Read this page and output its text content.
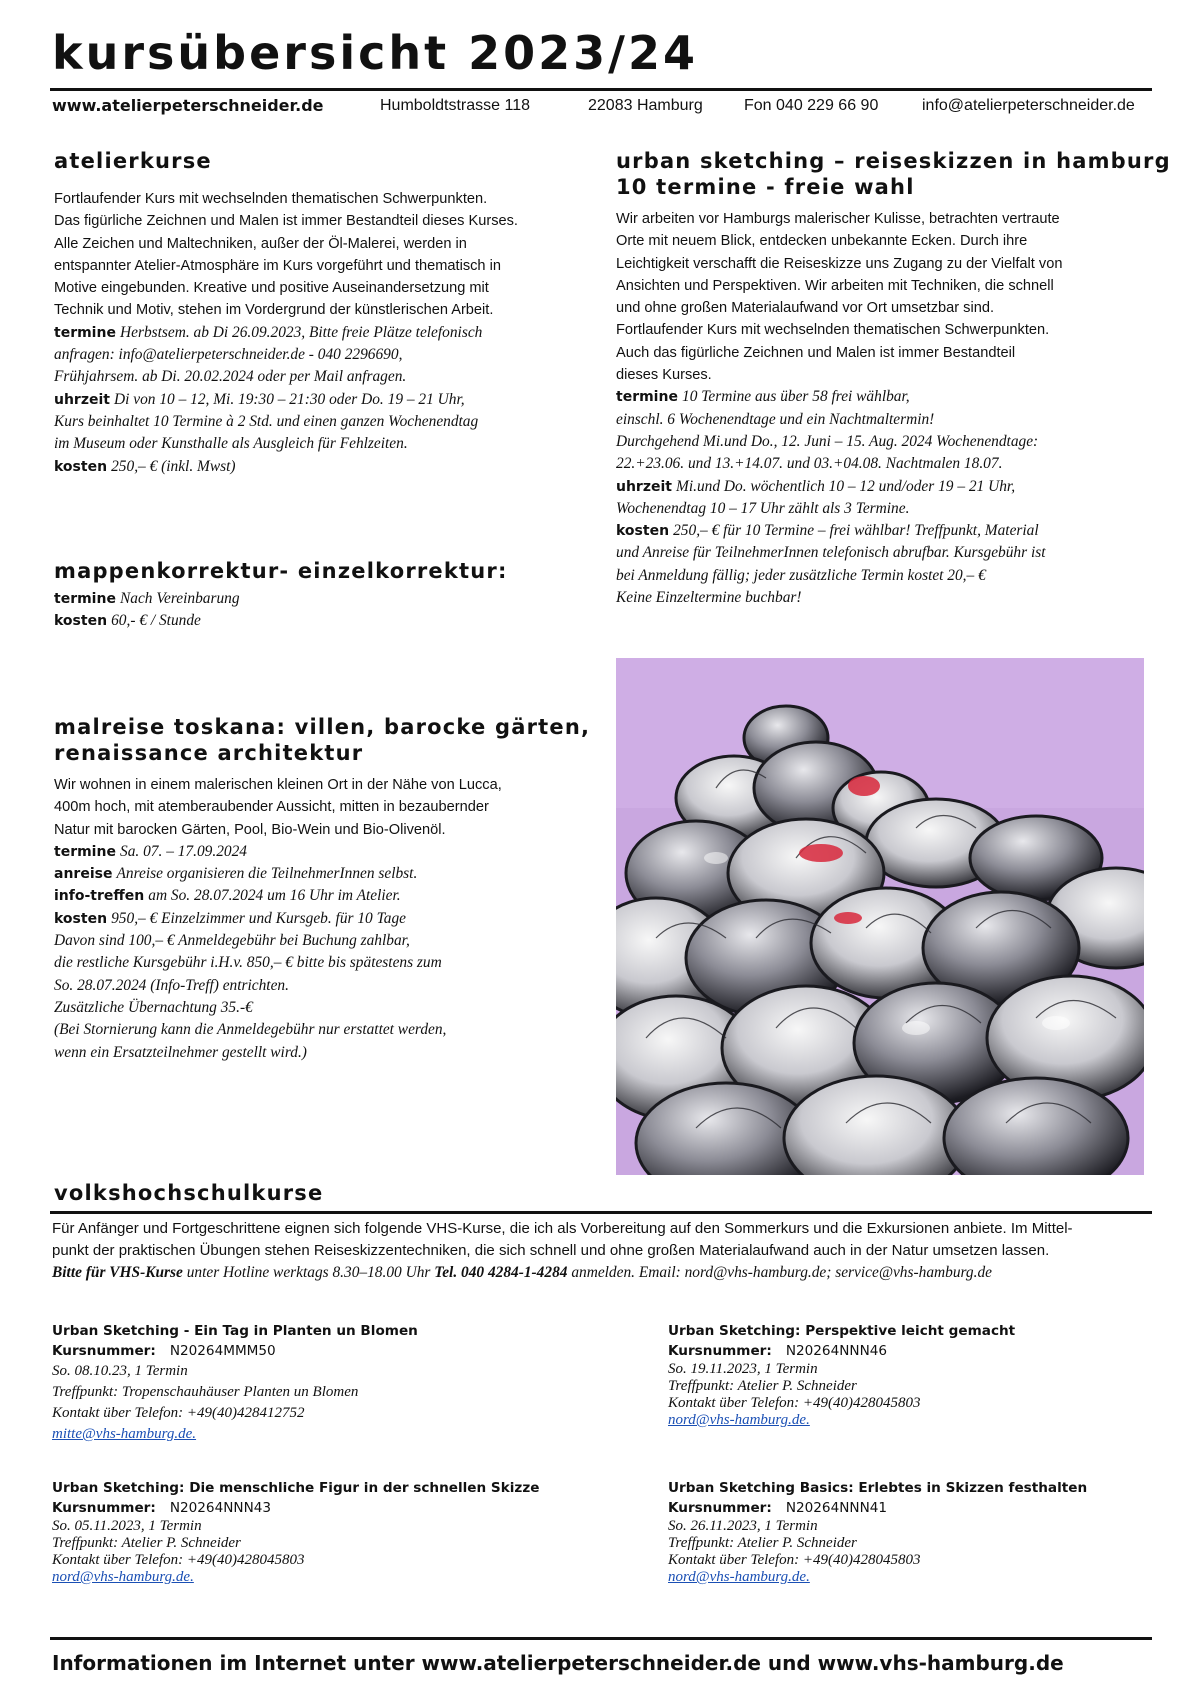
kursübersicht 2023/24
www.atelierpeterschneider.de	Humboldtstrasse 118	22083 Hamburg	Fon 040 229 66 90	info@atelierpeterschneider.de
atelierkurse
Fortlaufender Kurs mit wechselnden thematischen Schwerpunkten.
Das figürliche Zeichnen und Malen ist immer Bestandteil dieses Kurses.
Alle Zeichen und Maltechniken, außer der Öl-Malerei, werden in
entspannter Atelier-Atmosphäre im Kurs vorgeführt und thematisch in
Motive eingebunden. Kreative und positive Auseinandersetzung mit
Technik und Motiv, stehen im Vordergrund der künstlerischen Arbeit.
termine Herbstsem. ab Di 26.09.2023, Bitte freie Plätze telefonisch
anfragen: info@atelierpeterschneider.de - 040 2296690,
Frühjahrsem. ab Di. 20.02.2024 oder per Mail anfragen.
uhrzeit Di von 10 – 12, Mi. 19:30 – 21:30 oder Do. 19 – 21 Uhr,
Kurs beinhaltet 10 Termine à 2 Std. und einen ganzen Wochenendtag
im Museum oder Kunsthalle als Ausgleich für Fehlzeiten.
kosten 250,– € (inkl. Mwst)
mappenkorrektur- einzelkorrektur:
termine Nach Vereinbarung
kosten 60,- € / Stunde
malreise toskana: villen, barocke gärten,
renaissance architektur
Wir wohnen in einem malerischen kleinen Ort in der Nähe von Lucca,
400m hoch, mit atemberaubender Aussicht, mitten in bezaubernder
Natur mit barocken Gärten, Pool, Bio-Wein und Bio-Olivenöl.
termine Sa. 07. – 17.09.2024
anreise Anreise organisieren die TeilnehmerInnen selbst.
info-treffen am So. 28.07.2024 um 16 Uhr im Atelier.
kosten 950,– € Einzelzimmer und Kursgeb. für 10 Tage
Davon sind 100,– € Anmeldegebühr bei Buchung zahlbar,
die restliche Kursgebühr i.H.v. 850,– € bitte bis spätestens zum
So. 28.07.2024 (Info-Treff) entrichten.
Zusätzliche Übernachtung 35.-€
(Bei Stornierung kann die Anmeldegebühr nur erstattet werden,
wenn ein Ersatzteilnehmer gestellt wird.)
urban sketching – reiseskizzen in hamburg
10 termine - freie wahl
Wir arbeiten vor Hamburgs malerischer Kulisse, betrachten vertraute
Orte mit neuem Blick, entdecken unbekannte Ecken. Durch ihre
Leichtigkeit verschafft die Reiseskizze uns Zugang zu der Vielfalt von
Ansichten und Perspektiven. Wir arbeiten mit Techniken, die schnell
und ohne großen Materialaufwand vor Ort umsetzbar sind.
Fortlaufender Kurs mit wechselnden thematischen Schwerpunkten.
Auch das figürliche Zeichnen und Malen ist immer Bestandteil
dieses Kurses.
termine 10 Termine aus über 58 frei wählbar,
einschl. 6 Wochenendtage und ein Nachtmaltermin!
Durchgehend Mi.und Do., 12. Juni – 15. Aug. 2024 Wochenendtage:
22.+23.06. und 13.+14.07. und 03.+04.08. Nachtmalen 18.07.
uhrzeit Mi.und Do. wöchentlich 10 – 12 und/oder 19 – 21 Uhr,
Wochenendtag 10 – 17 Uhr zählt als 3 Termine.
kosten 250,– € für 10 Termine – frei wählbar! Treffpunkt, Material
und Anreise für TeilnehmerInnen telefonisch abrufbar. Kursgebühr ist
bei Anmeldung fällig; jeder zusätzliche Termin kostet 20,– €
Keine Einzeltermine buchbar!
volkshochschulkurse
Für Anfänger und Fortgeschrittene eignen sich folgende VHS-Kurse, die ich als Vorbereitung auf den Sommerkurs und die Exkursionen anbiete. Im Mittel-
punkt der praktischen Übungen stehen Reiseskizzentechniken, die sich schnell und ohne großen Materialaufwand auch in der Natur umsetzen lassen.
Bitte für VHS-Kurse unter Hotline werktags 8.30–18.00 Uhr Tel. 040 4284-1-4284 anmelden. Email: nord@vhs-hamburg.de; service@vhs-hamburg.de
Urban Sketching - Ein Tag in Planten un Blomen
Kursnummer: N20264MMM50
So. 08.10.23, 1 Termin
Treffpunkt: Tropenschauhäuser Planten un Blomen
Kontakt über Telefon: +49(40)428412752
mitte@vhs-hamburg.de.
Urban Sketching: Perspektive leicht gemacht
Kursnummer: N20264NNN46
So. 19.11.2023, 1 Termin
Treffpunkt: Atelier P. Schneider
Kontakt über Telefon: +49(40)428045803
nord@vhs-hamburg.de.
Urban Sketching: Die menschliche Figur in der schnellen Skizze
Kursnummer: N20264NNN43
So. 05.11.2023, 1 Termin
Treffpunkt: Atelier P. Schneider
Kontakt über Telefon: +49(40)428045803
nord@vhs-hamburg.de.
Urban Sketching Basics: Erlebtes in Skizzen festhalten
Kursnummer: N20264NNN41
So. 26.11.2023, 1 Termin
Treffpunkt: Atelier P. Schneider
Kontakt über Telefon: +49(40)428045803
nord@vhs-hamburg.de.
Informationen im Internet unter www.atelierpeterschneider.de und www.vhs-hamburg.de
